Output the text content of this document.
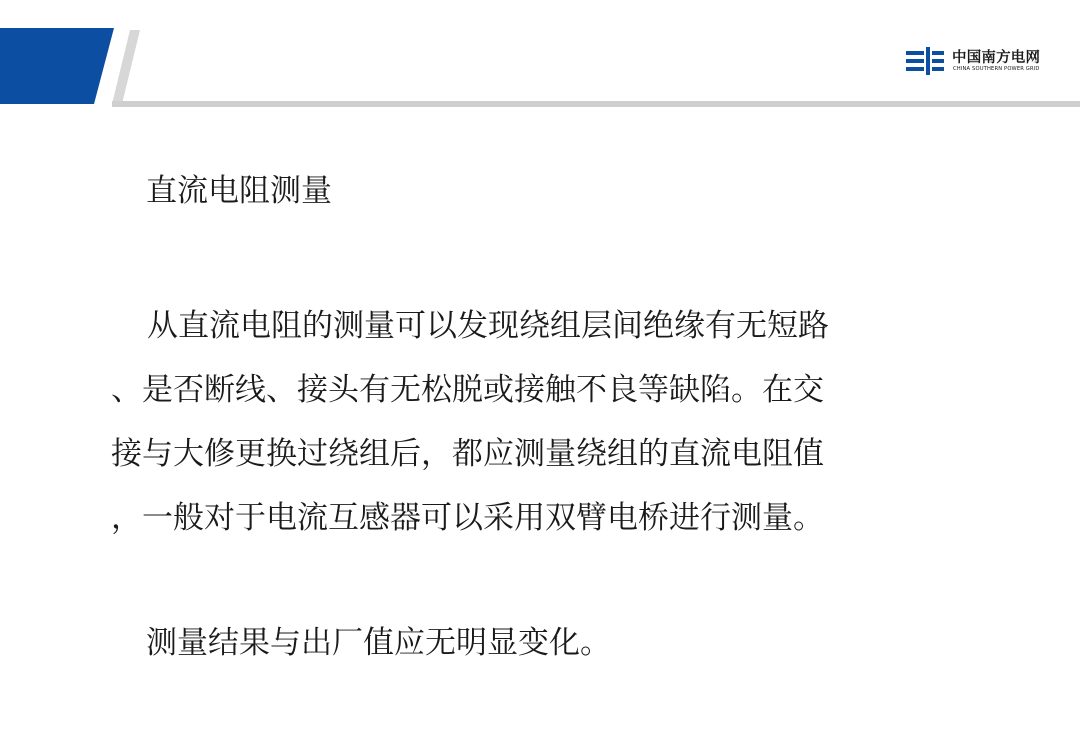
中国南方电网
CHINA SOUTHERN POWER GRID
直流电阻测量

从直流电阻的测量可以发现绕组层间绝缘有无短路
、是否断线、接头有无松脱或接触不良等缺陷。在交
接与大修更换过绕组后，都应测量绕组的直流电阻值
，一般对于电流互感器可以采用双臂电桥进行测量。

测量结果与出厂值应无明显变化。
